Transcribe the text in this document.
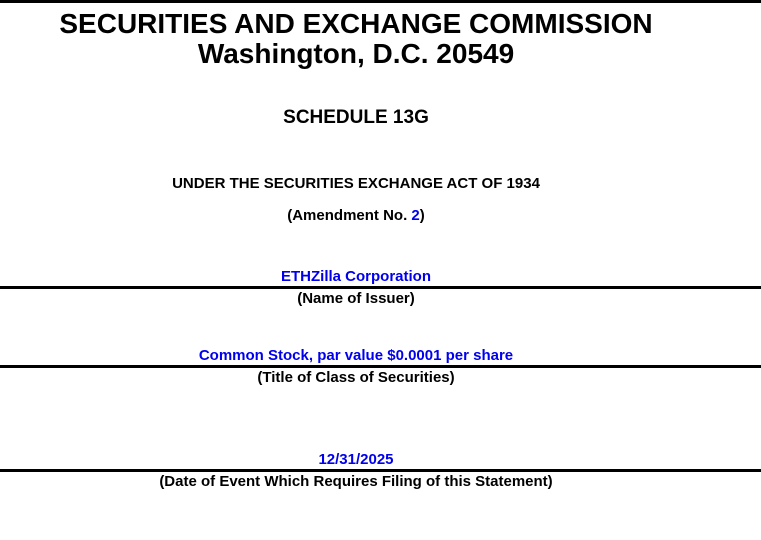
SECURITIES AND EXCHANGE COMMISSION
Washington, D.C. 20549
SCHEDULE 13G
UNDER THE SECURITIES EXCHANGE ACT OF 1934
(Amendment No. 2)
ETHZilla Corporation
(Name of Issuer)
Common Stock, par value $0.0001 per share
(Title of Class of Securities)
12/31/2025
(Date of Event Which Requires Filing of this Statement)
